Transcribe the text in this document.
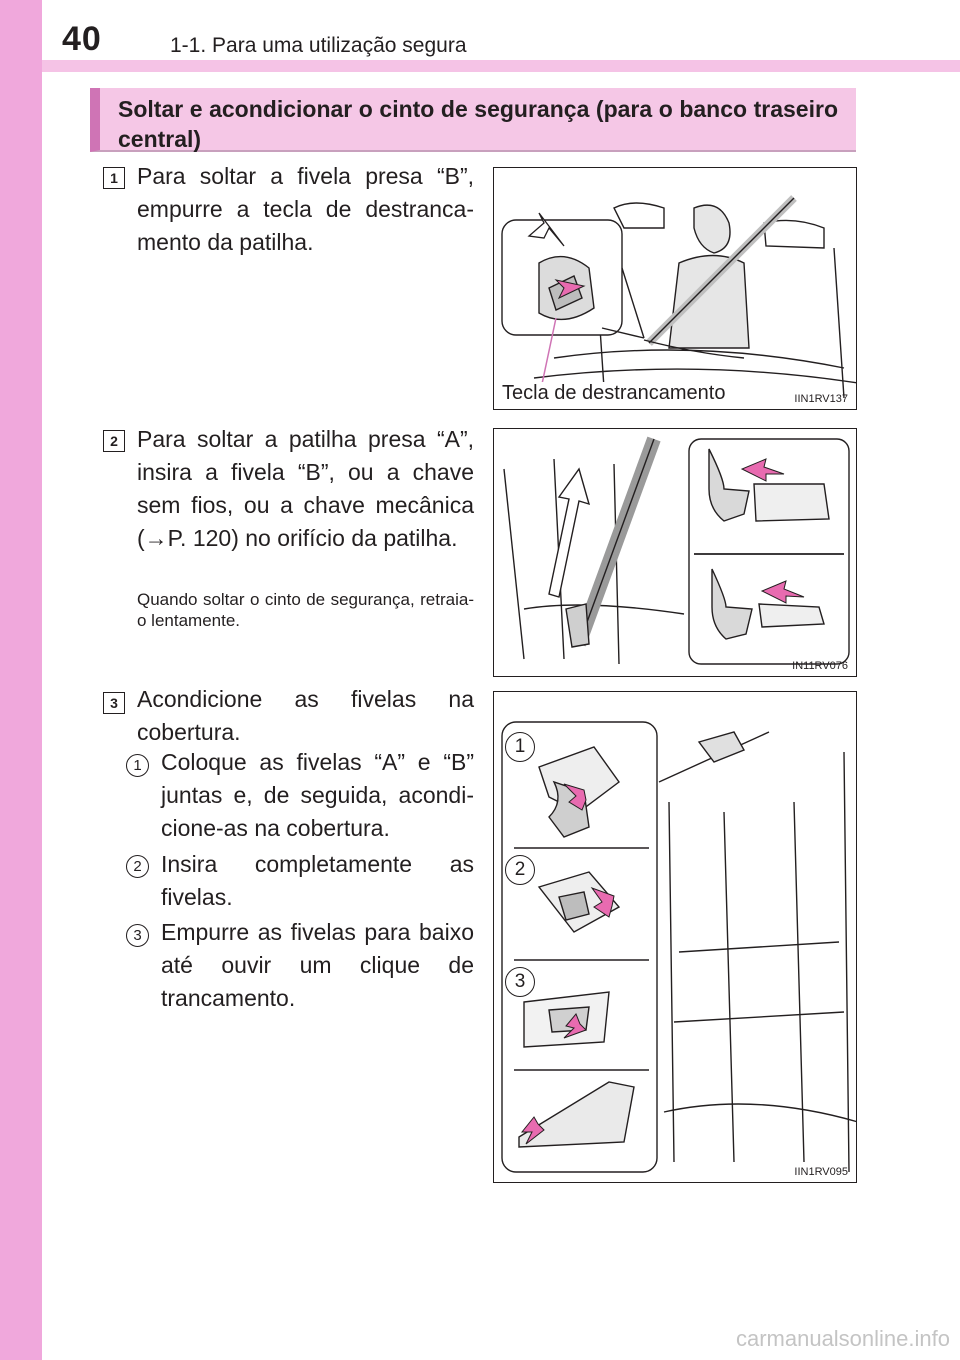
40	1-1. Para uma utilização segura
Soltar e acondicionar o cinto de segurança (para o banco traseiro central)
1 Para soltar a fivela presa “B”, empurre a tecla de destrancamento da patilha.
IIN1RV137
Tecla de destrancamento
2 Para soltar a patilha presa “A”, insira a fivela “B”, ou a chave sem fios, ou a chave mecânica (→P. 120) no orifício da patilha.
Quando soltar o cinto de segurança, retraia-o lentamente.
IN11RV076
3 Acondicione as fivelas na cobertura.
1 Coloque as fivelas “A” e “B” juntas e, de seguida, acondicione-as na cobertura.
2 Insira completamente as fivelas.
3 Empurre as fivelas para baixo até ouvir um clique de trancamento.
1
2
3
IIN1RV095
carmanualsonline.info
